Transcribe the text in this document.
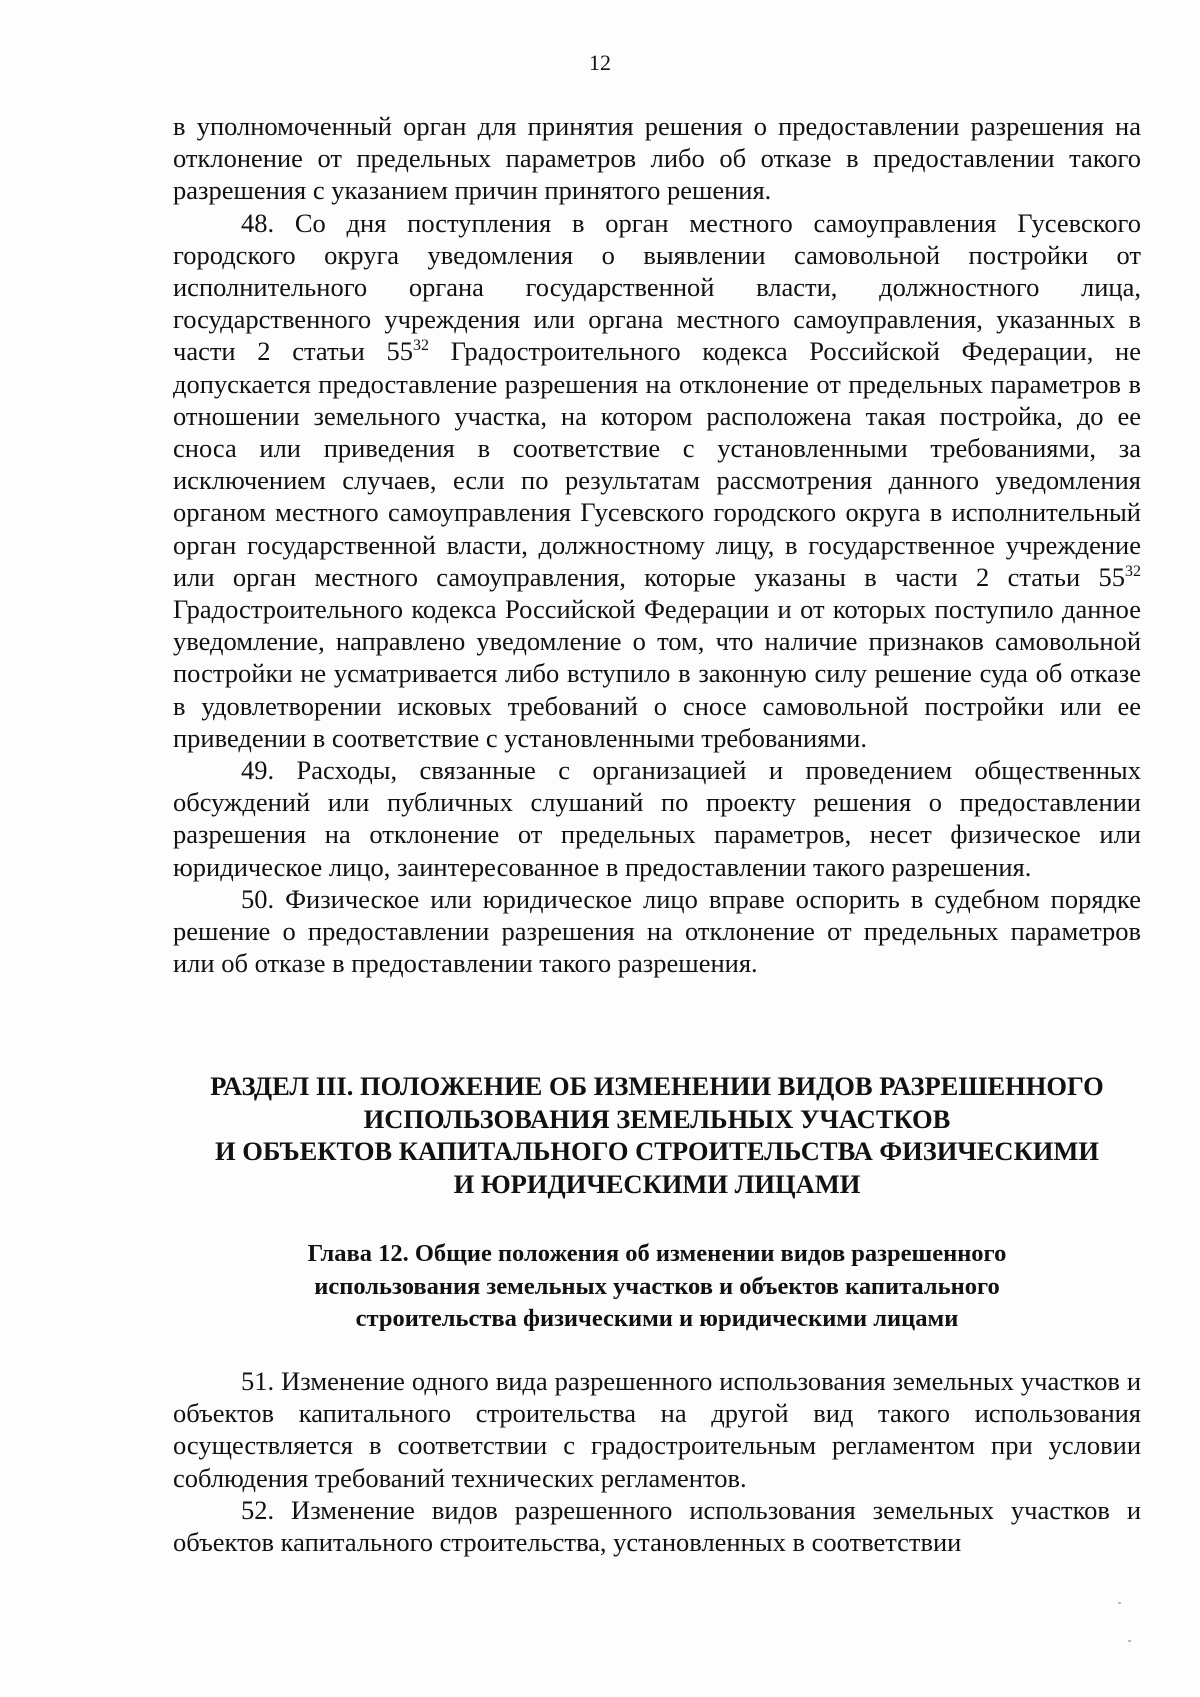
12

в уполномоченный орган для принятия решения о предоставлении разрешения на отклонение от предельных параметров либо об отказе в предоставлении такого разрешения с указанием причин принятого решения.

48. Со дня поступления в орган местного самоуправления Гусевского городского округа уведомления о выявлении самовольной постройки от исполнительного органа государственной власти, должностного лица, государственного учреждения или органа местного самоуправления, указанных в части 2 статьи $55^{32}$ Градостроительного кодекса Российской Федерации, не допускается предоставление разрешения на отклонение от предельных параметров в отношении земельного участка, на котором расположена такая постройка, до ее сноса или приведения в соответствие с установленными требованиями, за исключением случаев, если по результатам рассмотрения данного уведомления органом местного самоуправления Гусевского городского округа в исполнительный орган государственной власти, должностному лицу, в государственное учреждение или орган местного самоуправления, которые указаны в части 2 статьи $55^{32}$ Градостроительного кодекса Российской Федерации и от которых поступило данное уведомление, направлено уведомление о том, что наличие признаков самовольной постройки не усматривается либо вступило в законную силу решение суда об отказе в удовлетворении исковых требований о сносе самовольной постройки или ее приведении в соответствие с установленными требованиями.

49. Расходы, связанные с организацией и проведением общественных обсуждений или публичных слушаний по проекту решения о предоставлении разрешения на отклонение от предельных параметров, несет физическое или юридическое лицо, заинтересованное в предоставлении такого разрешения.

50. Физическое или юридическое лицо вправе оспорить в судебном порядке решение о предоставлении разрешения на отклонение от предельных параметров или об отказе в предоставлении такого разрешения.

РАЗДЕЛ III. ПОЛОЖЕНИЕ ОБ ИЗМЕНЕНИИ ВИДОВ РАЗРЕШЕННОГО
ИСПОЛЬЗОВАНИЯ ЗЕМЕЛЬНЫХ УЧАСТКОВ
И ОБЪЕКТОВ КАПИТАЛЬНОГО СТРОИТЕЛЬСТВА ФИЗИЧЕСКИМИ
И ЮРИДИЧЕСКИМИ ЛИЦАМИ
Глава 12. Общие положения об изменении видов разрешенного
использования земельных участков и объектов капитального
строительства физическими и юридическими лицами

51. Изменение одного вида разрешенного использования земельных участков и объектов капитального строительства на другой вид такого использования осуществляется в соответствии с градостроительным регламентом при условии соблюдения требований технических регламентов.

52. Изменение видов разрешенного использования земельных участков и объектов капитального строительства, установленных в соответствии
